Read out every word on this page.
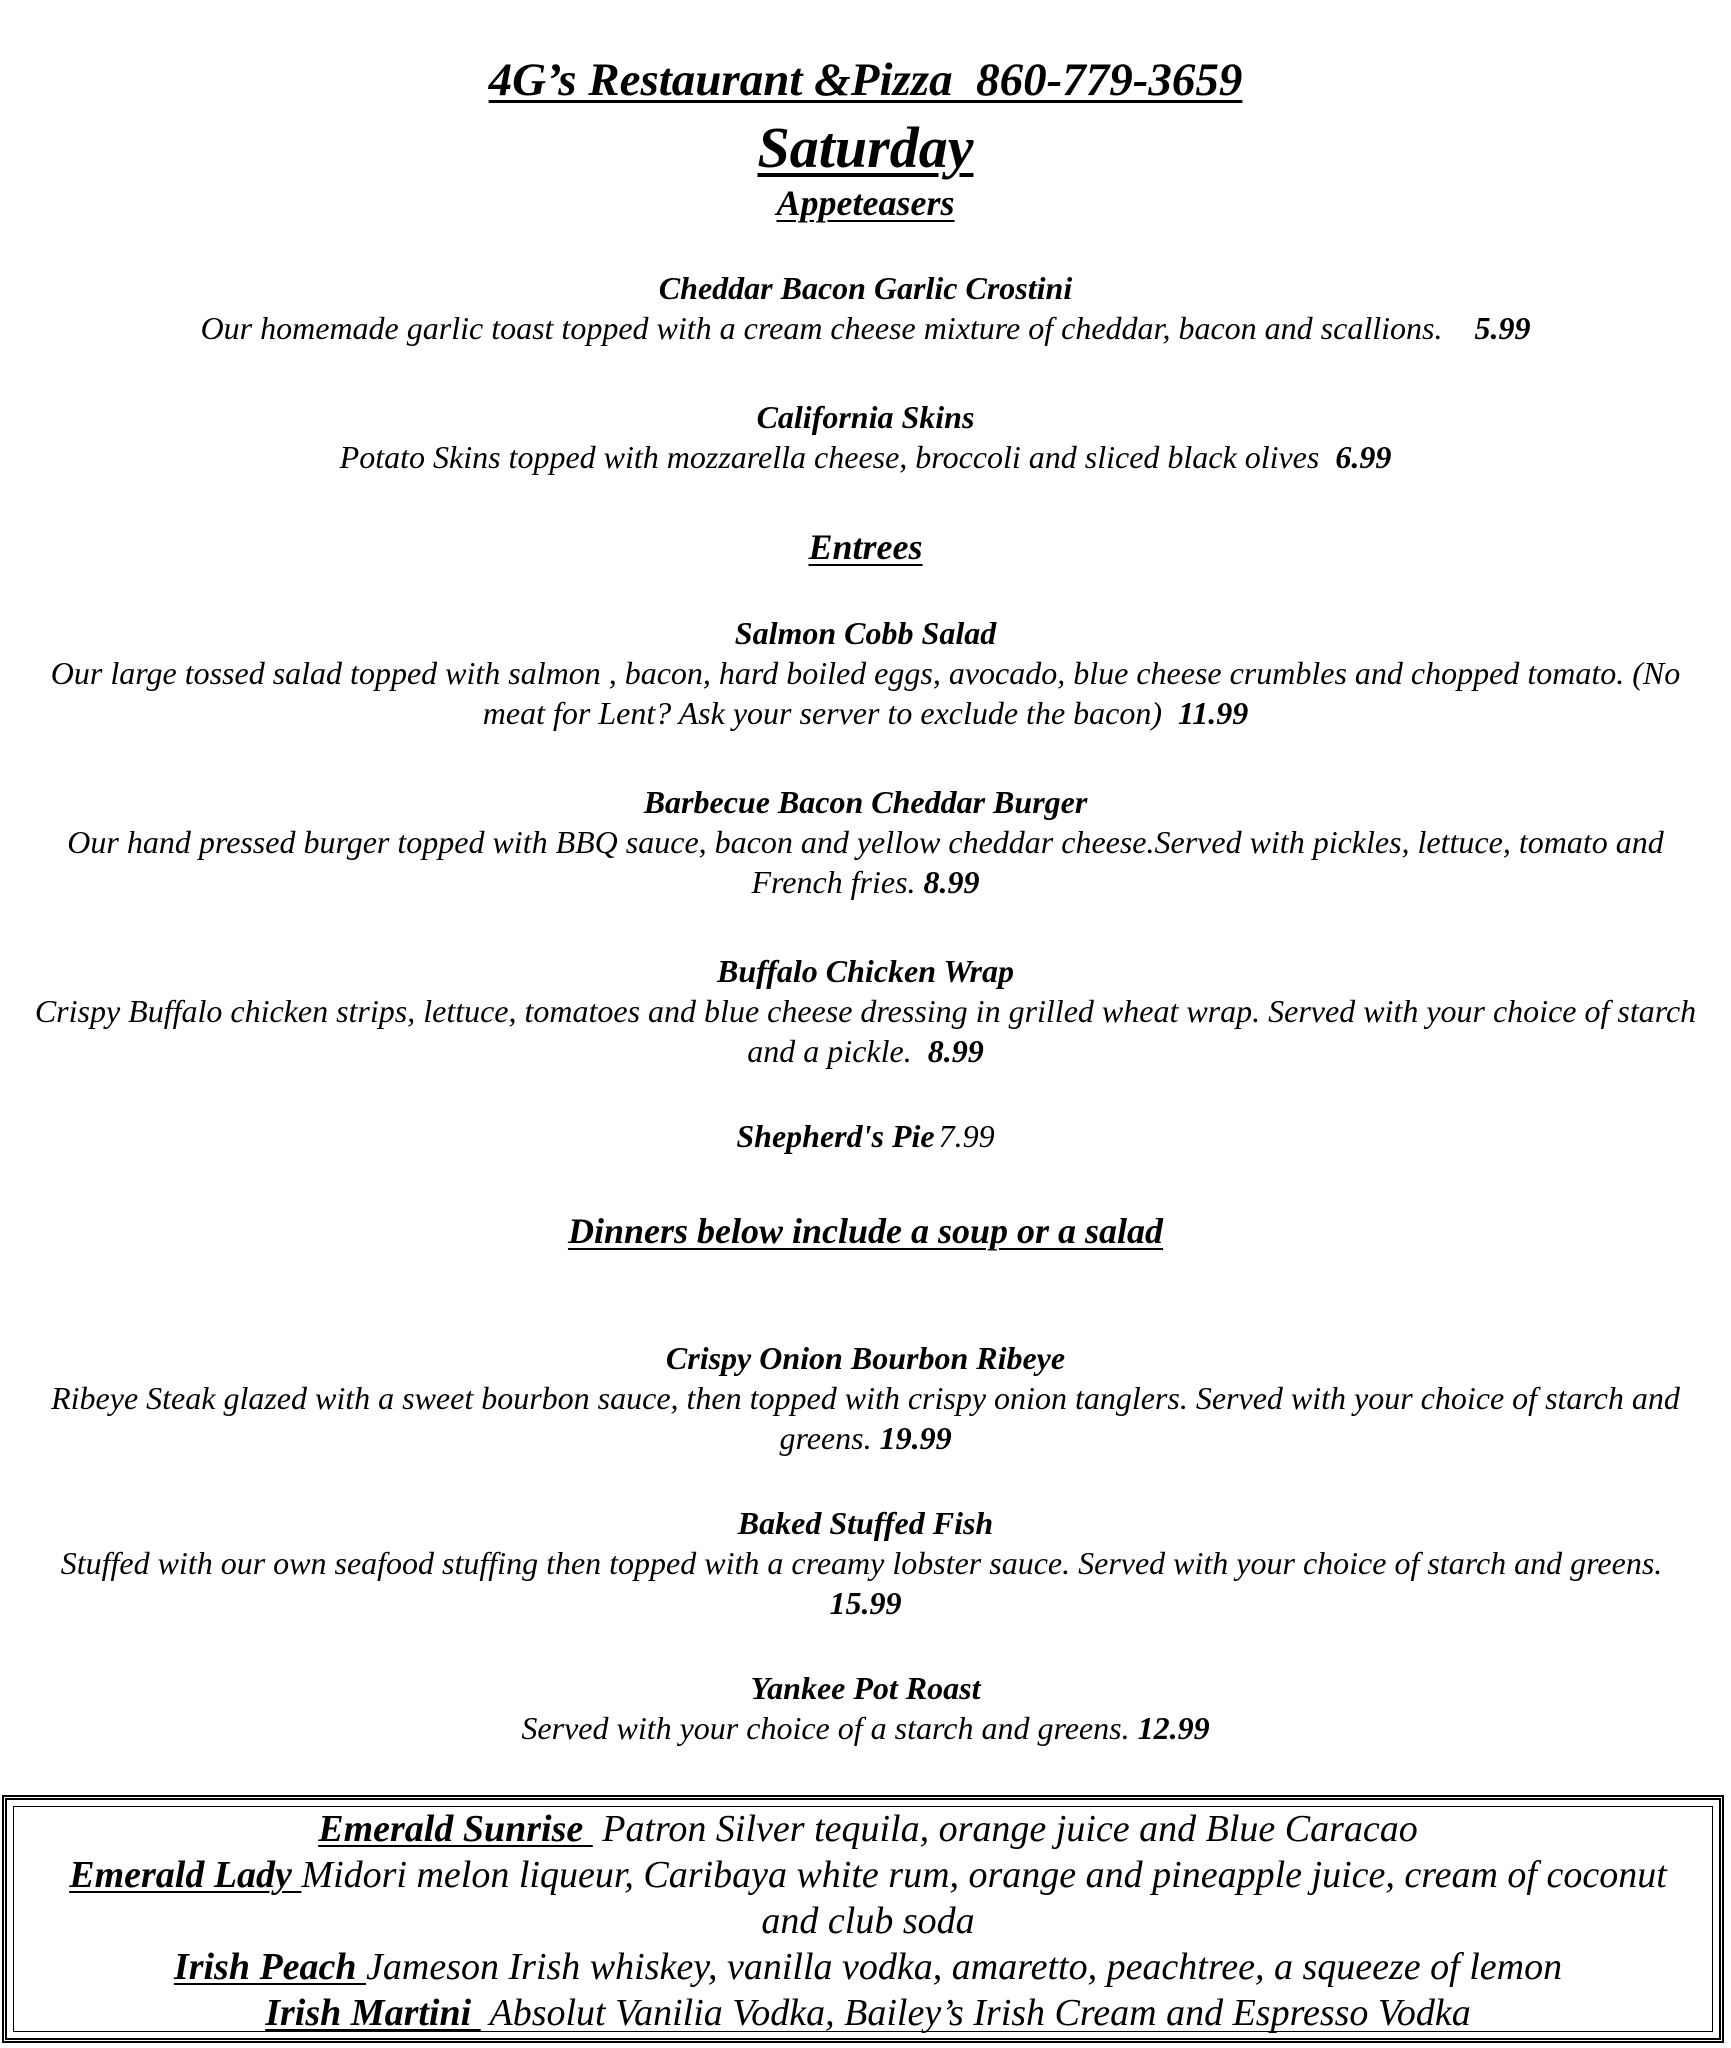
4G’s Restaurant &Pizza  860-779-3659
Saturday
Appeteasers
Cheddar Bacon Garlic Crostini
Our homemade garlic toast topped with a cream cheese mixture of cheddar, bacon and scallions. 5.99
California Skins
Potato Skins topped with mozzarella cheese, broccoli and sliced black olives 6.99
Entrees
Salmon Cobb Salad
Our large tossed salad topped with salmon , bacon, hard boiled eggs, avocado, blue cheese crumbles and chopped tomato. (No meat for Lent? Ask your server to exclude the bacon) 11.99
Barbecue Bacon Cheddar Burger
Our hand pressed burger topped with BBQ sauce, bacon and yellow cheddar cheese.Served with pickles, lettuce, tomato and French fries. 8.99
Buffalo Chicken Wrap
Crispy Buffalo chicken strips, lettuce, tomatoes and blue cheese dressing in grilled wheat wrap. Served with your choice of starch and a pickle. 8.99
Shepherd's Pie 7.99
Dinners below include a soup or a salad
Crispy Onion Bourbon Ribeye
Ribeye Steak glazed with a sweet bourbon sauce, then topped with crispy onion tanglers. Served with your choice of starch and greens. 19.99
Baked Stuffed Fish
Stuffed with our own seafood stuffing then topped with a creamy lobster sauce. Served with your choice of starch and greens.  15.99
Yankee Pot Roast
Served with your choice of a starch and greens. 12.99
Emerald Sunrise  Patron Silver tequila, orange juice and Blue Caracao
Emerald Lady Midori melon liqueur, Caribaya white rum, orange and pineapple juice, cream of coconut and club soda
Irish Peach Jameson Irish whiskey, vanilla vodka, amaretto, peachtree, a squeeze of lemon
Irish Martini  Absolut Vanilia Vodka, Bailey’s Irish Cream and Espresso Vodka
